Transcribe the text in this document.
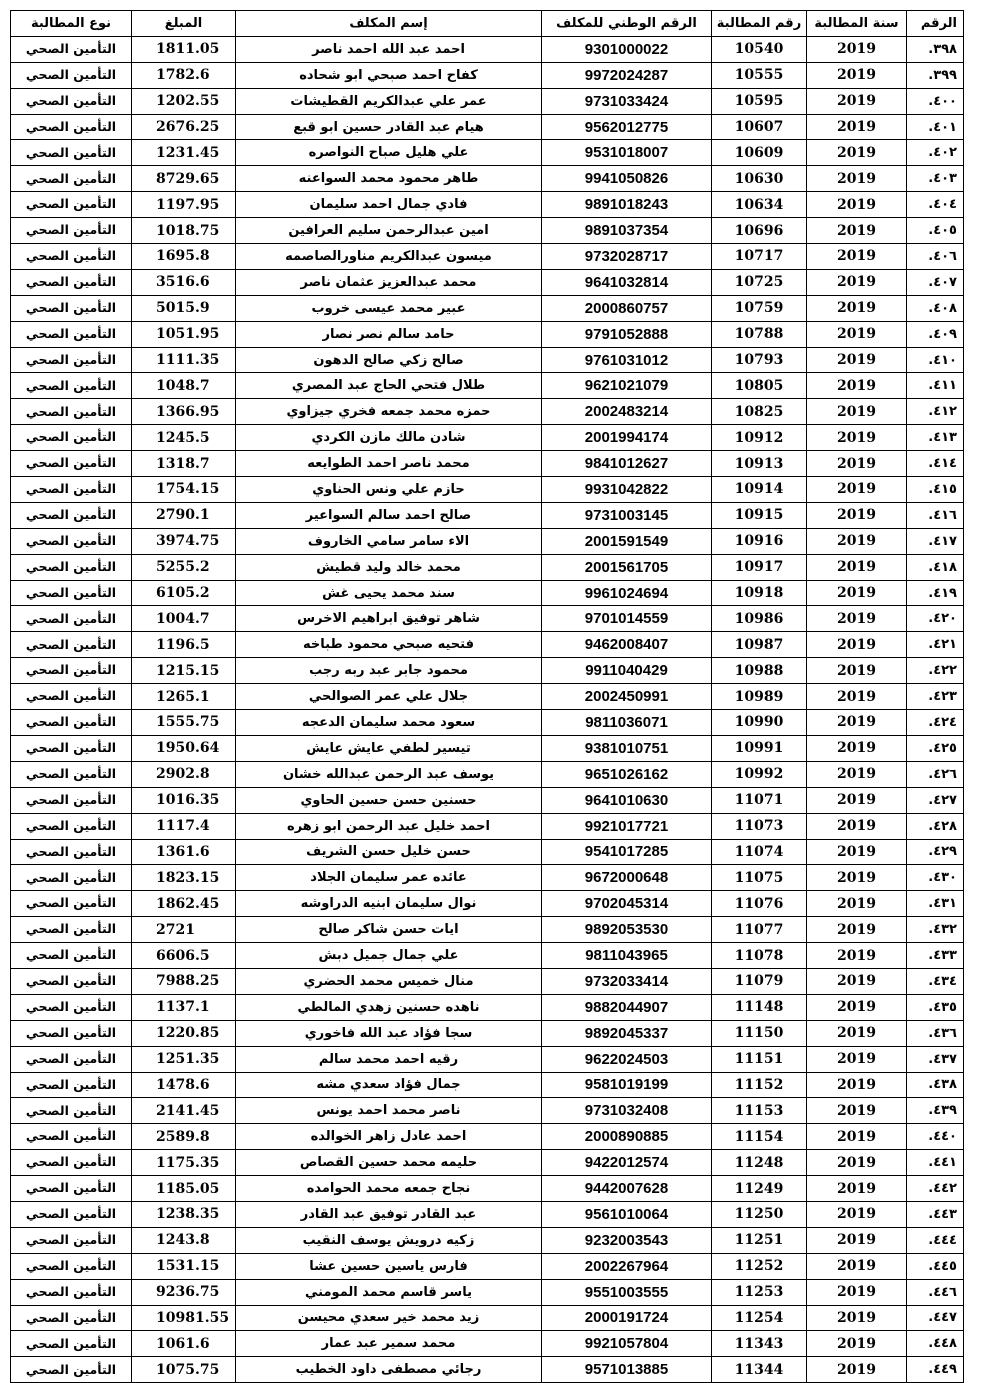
الرقم	سنة المطالبة	رقم المطالبة	الرقم الوطني للمكلف	إسم المكلف	المبلغ	نوع المطالبة
٣٩٨.	2019	10540	9301000022	احمد عبد الله احمد ناصر	1811.05	التأمين الصحي
٣٩٩.	2019	10555	9972024287	كفاح احمد صبحي ابو شحاده	1782.6	التأمين الصحي
٤٠٠.	2019	10595	9731033424	عمر علي عبدالكريم القطيشات	1202.55	التأمين الصحي
٤٠١.	2019	10607	9562012775	هيام عبد القادر حسين ابو قبع	2676.25	التأمين الصحي
٤٠٢.	2019	10609	9531018007	علي هليل صباح النواصره	1231.45	التأمين الصحي
٤٠٣.	2019	10630	9941050826	طاهر محمود محمد السواعنه	8729.65	التأمين الصحي
٤٠٤.	2019	10634	9891018243	فادي جمال احمد سليمان	1197.95	التأمين الصحي
٤٠٥.	2019	10696	9891037354	امين عبدالرحمن سليم العرافين	1018.75	التأمين الصحي
٤٠٦.	2019	10717	9732028717	ميسون عبدالكريم مناورالصاصمه	1695.8	التأمين الصحي
٤٠٧.	2019	10725	9641032814	محمد عبدالعزيز عثمان ناصر	3516.6	التأمين الصحي
٤٠٨.	2019	10759	2000860757	عبير محمد عيسى خروب	5015.9	التأمين الصحي
٤٠٩.	2019	10788	9791052888	حامد سالم نصر نصار	1051.95	التأمين الصحي
٤١٠.	2019	10793	9761031012	صالح زكي صالح الدهون	1111.35	التأمين الصحي
٤١١.	2019	10805	9621021079	طلال فتحي الحاج عبد المصري	1048.7	التأمين الصحي
٤١٢.	2019	10825	2002483214	حمزه محمد جمعه فخري جيزاوي	1366.95	التأمين الصحي
٤١٣.	2019	10912	2001994174	شادن مالك مازن الكردي	1245.5	التأمين الصحي
٤١٤.	2019	10913	9841012627	محمد ناصر احمد الطوايعه	1318.7	التأمين الصحي
٤١٥.	2019	10914	9931042822	حازم علي ونس الحناوي	1754.15	التأمين الصحي
٤١٦.	2019	10915	9731003145	صالح احمد سالم السواعير	2790.1	التأمين الصحي
٤١٧.	2019	10916	2001591549	الاء سامر سامي الخاروف	3974.75	التأمين الصحي
٤١٨.	2019	10917	2001561705	محمد خالد وليد قطيش	5255.2	التأمين الصحي
٤١٩.	2019	10918	9961024694	سند محمد يحيى غش	6105.2	التأمين الصحي
٤٢٠.	2019	10986	9701014559	شاهر توفيق ابراهيم الاخرس	1004.7	التأمين الصحي
٤٢١.	2019	10987	9462008407	فتحيه صبحي محمود طباخه	1196.5	التأمين الصحي
٤٢٢.	2019	10988	9911040429	محمود جابر عبد ربه رجب	1215.15	التأمين الصحي
٤٢٣.	2019	10989	2002450991	جلال علي عمر الصوالحي	1265.1	التأمين الصحي
٤٢٤.	2019	10990	9811036071	سعود محمد سليمان الدعجه	1555.75	التأمين الصحي
٤٢٥.	2019	10991	9381010751	تيسير لطفي عايش عايش	1950.64	التأمين الصحي
٤٢٦.	2019	10992	9651026162	يوسف عبد الرحمن عبدالله خشان	2902.8	التأمين الصحي
٤٢٧.	2019	11071	9641010630	حسنين حسن حسين الحاوي	1016.35	التأمين الصحي
٤٢٨.	2019	11073	9921017721	احمد خليل عبد الرحمن ابو زهره	1117.4	التأمين الصحي
٤٢٩.	2019	11074	9541017285	حسن خليل حسن الشريف	1361.6	التأمين الصحي
٤٣٠.	2019	11075	9672000648	عائده عمر سليمان الجلاد	1823.15	التأمين الصحي
٤٣١.	2019	11076	9702045314	نوال سليمان ابنيه الدراوشه	1862.45	التأمين الصحي
٤٣٢.	2019	11077	9892053530	ايات حسن شاكر صالح	2721	التأمين الصحي
٤٣٣.	2019	11078	9811043965	علي جمال جميل دبش	6606.5	التأمين الصحي
٤٣٤.	2019	11079	9732033414	منال خميس محمد الحضري	7988.25	التأمين الصحي
٤٣٥.	2019	11148	9882044907	ناهده حسنين زهدي المالطي	1137.1	التأمين الصحي
٤٣٦.	2019	11150	9892045337	سجا فؤاد عبد الله فاخوري	1220.85	التأمين الصحي
٤٣٧.	2019	11151	9622024503	رقيه احمد محمد سالم	1251.35	التأمين الصحي
٤٣٨.	2019	11152	9581019199	جمال فؤاد سعدي مشه	1478.6	التأمين الصحي
٤٣٩.	2019	11153	9731032408	ناصر محمد احمد يونس	2141.45	التأمين الصحي
٤٤٠.	2019	11154	2000890885	احمد عادل زاهر الخوالده	2589.8	التأمين الصحي
٤٤١.	2019	11248	9422012574	حليمه محمد حسين القصاص	1175.35	التأمين الصحي
٤٤٢.	2019	11249	9442007628	نجاح جمعه محمد الحوامده	1185.05	التأمين الصحي
٤٤٣.	2019	11250	9561010064	عبد القادر توفيق عبد القادر	1238.35	التأمين الصحي
٤٤٤.	2019	11251	9232003543	زكيه درويش يوسف النقيب	1243.8	التأمين الصحي
٤٤٥.	2019	11252	2002267964	فارس ياسين حسين عشا	1531.15	التأمين الصحي
٤٤٦.	2019	11253	9551003555	ياسر قاسم محمد المومني	9236.75	التأمين الصحي
٤٤٧.	2019	11254	2000191724	زيد محمد خير سعدي محيسن	10981.55	التأمين الصحي
٤٤٨.	2019	11343	9921057804	محمد سمير عبد عمار	1061.6	التأمين الصحي
٤٤٩.	2019	11344	9571013885	رجائي مصطفى داود الخطيب	1075.75	التأمين الصحي
